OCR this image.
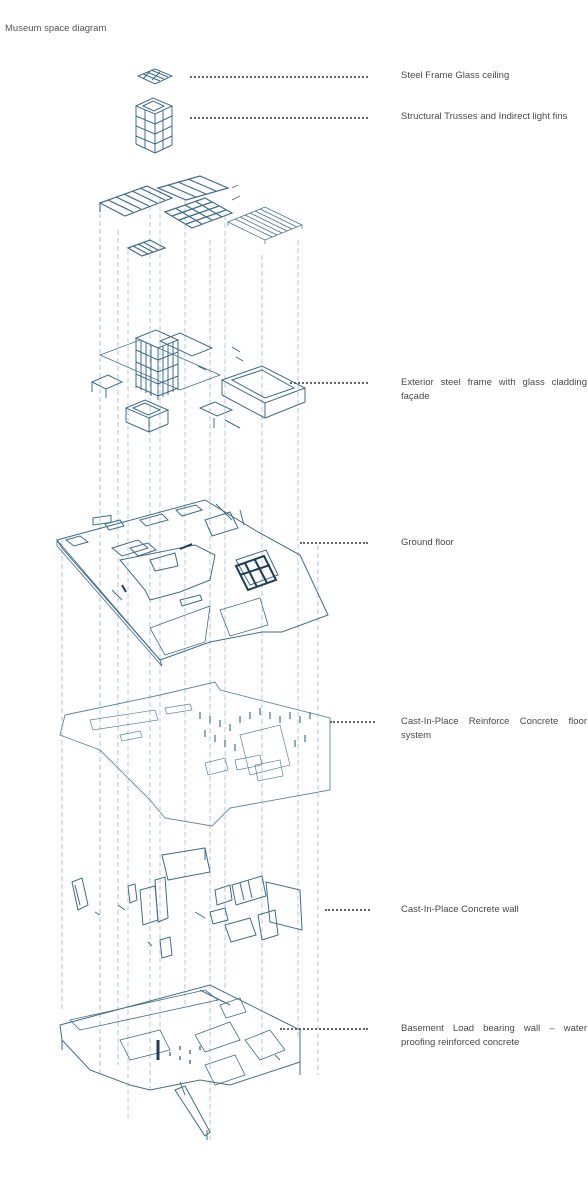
Museum space diagram
Steel Frame Glass ceiling
Structural Trusses and Indirect light fins
Exterior steel frame with glass cladding façade
Ground floor
Cast-In-Place Reinforce Concrete floor system
Cast-In-Place Concrete wall
Basement Load bearing wall – water proofing reinforced concrete
